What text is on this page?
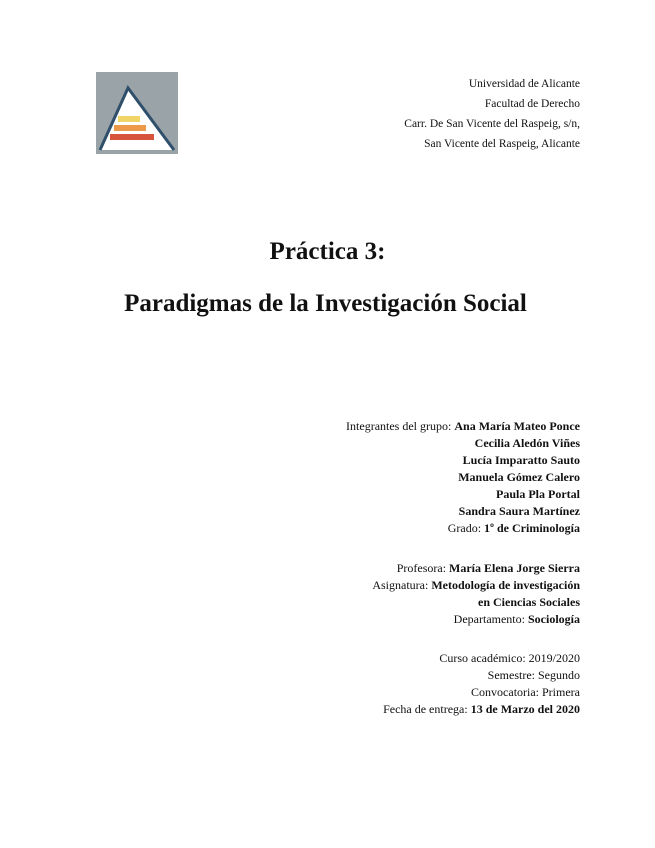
Universidad de Alicante
Facultad de Derecho
Carr. De San Vicente del Raspeig, s/n,
San Vicente del Raspeig, Alicante
Práctica 3:
Paradigmas de la Investigación Social
Integrantes del grupo: Ana María Mateo Ponce
Cecilia Aledón Viñes
Lucía Imparatto Sauto
Manuela Gómez Calero
Paula Pla Portal
Sandra Saura Martínez
Grado: 1º de Criminología
Profesora: María Elena Jorge Sierra
Asignatura: Metodología de investigación
en Ciencias Sociales
Departamento: Sociología
Curso académico: 2019/2020
Semestre: Segundo
Convocatoria: Primera
Fecha de entrega: 13 de Marzo del 2020
